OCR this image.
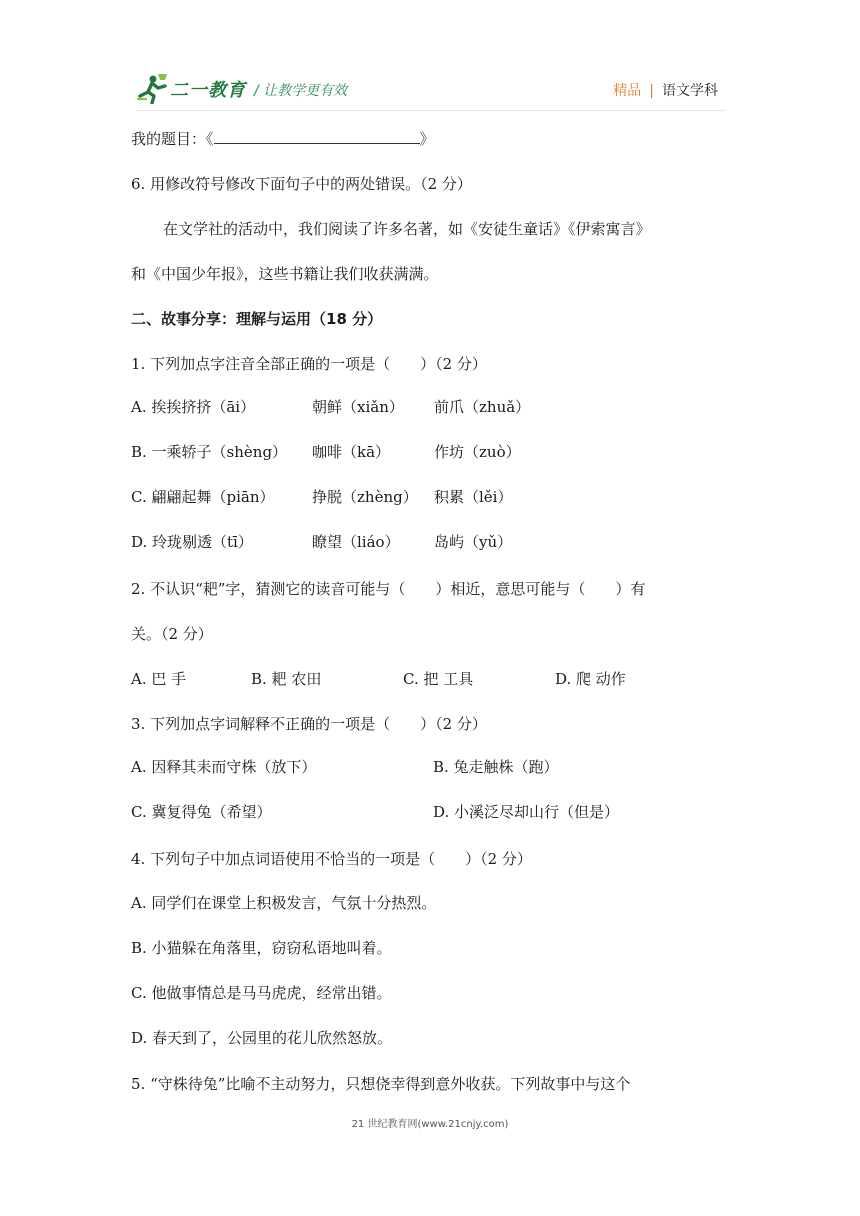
二一教育 / 让教学更有效	精品 | 语文学科
我的题目：《	》
6. 用修改符号修改下面句子中的两处错误。（2 分）
在文学社的活动中，我们阅读了许多名著，如《安徒生童话》《伊索寓言》
和《中国少年报》，这些书籍让我们收获满满。
二、故事分享：理解与运用（18 分）
1. 下列加点字注音全部正确的一项是（　　）（2 分）
A. 挨挨挤挤（āi）	朝鲜（xiǎn） 前爪（zhuǎ）
B. 一乘轿子（shèng） 咖啡（kā）	作坊（zuò）
C. 翩翩起舞（piān）	挣脱（zhèng） 积累（lěi）
D. 玲珑剔透（tī）	瞭望（liáo） 岛屿（yǔ）
2. 不认识“耙”字，猜测它的读音可能与（　　）相近，意思可能与（　　）有
关。（2 分）
A. 巴 手	B. 耙 农田	C. 把 工具	D. 爬 动作
3. 下列加点字词解释不正确的一项是（　　）（2 分）
A. 因释其耒而守株（放下）	B. 兔走触株（跑）
C. 冀复得兔（希望）	D. 小溪泛尽却山行（但是）
4. 下列句子中加点词语使用不恰当的一项是（　　）（2 分）
A. 同学们在课堂上积极发言，气氛十分热烈。
B. 小猫躲在角落里，窃窃私语地叫着。
C. 他做事情总是马马虎虎，经常出错。
D. 春天到了，公园里的花儿欣然怒放。
5. “守株待兔”比喻不主动努力，只想侥幸得到意外收获。下列故事中与这个
21 世纪教育网(www.21cnjy.com)
